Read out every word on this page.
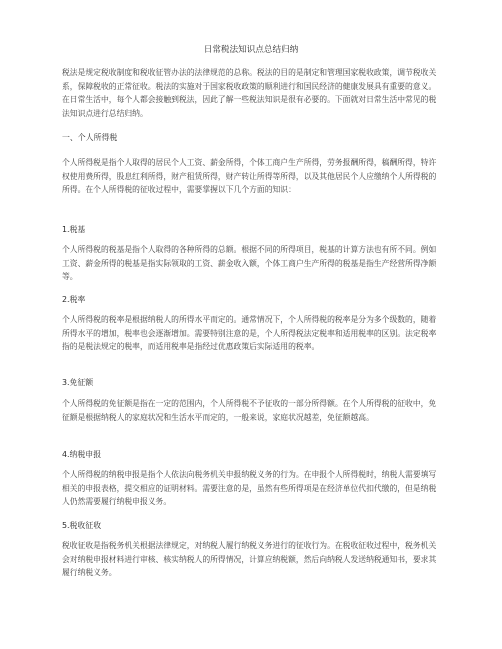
日常税法知识点总结归纳

税法是规定税收制度和税收征管办法的法律规范的总称。税法的目的是制定和管理国家税收政策，调节税收关系，保障税收的正常征收。税法的实施对于国家税收政策的顺利进行和国民经济的健康发展具有重要的意义。在日常生活中，每个人都会接触到税法，因此了解一些税法知识是很有必要的。下面就对日常生活中常见的税法知识点进行总结归纳。

一、个人所得税

个人所得税是指个人取得的居民个人工资、薪金所得，个体工商户生产所得，劳务报酬所得，稿酬所得，特许权使用费所得，股息红利所得，财产租赁所得，财产转让所得等所得，以及其他居民个人应缴纳个人所得税的所得。在个人所得税的征收过程中，需要掌握以下几个方面的知识：

1.税基

个人所得税的税基是指个人取得的各种所得的总额。根据不同的所得项目，税基的计算方法也有所不同。例如工资、薪金所得的税基是指实际领取的工资、薪金收入额，个体工商户生产所得的税基是指生产经营所得净额等。

2.税率

个人所得税的税率是根据纳税人的所得水平而定的。通常情况下，个人所得税的税率是分为多个级数的，随着所得水平的增加，税率也会逐渐增加。需要特别注意的是，个人所得税法定税率和适用税率的区别。法定税率指的是税法规定的税率，而适用税率是指经过优惠政策后实际适用的税率。

3.免征额

个人所得税的免征额是指在一定的范围内，个人所得税不予征收的一部分所得额。在个人所得税的征收中，免征额是根据纳税人的家庭状况和生活水平而定的，一般来说，家庭状况越差，免征额越高。

4.纳税申报

个人所得税的纳税申报是指个人依法向税务机关申报纳税义务的行为。在申报个人所得税时，纳税人需要填写相关的申报表格，提交相应的证明材料。需要注意的是，虽然有些所得项是在经济单位代扣代缴的，但是纳税人仍然需要履行纳税申报义务。

5.税收征收

税收征收是指税务机关根据法律规定，对纳税人履行纳税义务进行的征收行为。在税收征收过程中，税务机关会对纳税申报材料进行审核、核实纳税人的所得情况，计算应纳税额，然后向纳税人发送纳税通知书，要求其履行纳税义务。
